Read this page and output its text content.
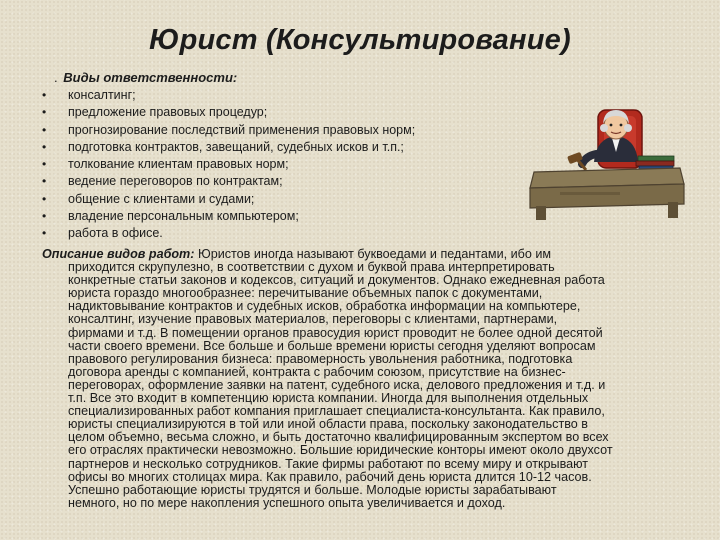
Юрист (Консультирование)
. Виды ответственности:
• консалтинг;
• предложение правовых процедур;
• прогнозирование последствий применения правовых норм;
• подготовка контрактов, завещаний, судебных исков и т.п.;
• толкование клиентам правовых норм;
• ведение переговоров по контрактам;
• общение с клиентами и судами;
• владение персональным компьютером;
• работа в офисе.

Описание видов работ: Юристов иногда называют буквоедами и педантами, ибо им
приходится скрупулезно, в соответствии с духом и буквой права интерпретировать
конкретные статьи законов и кодексов, ситуаций и документов. Однако ежедневная работа
юриста гораздо многообразнее: перечитывание объемных папок с документами,
надиктовывание контрактов и судебных исков, обработка информации на компьютере,
консалтинг, изучение правовых материалов, переговоры с клиентами, партнерами,
фирмами и т.д. В помещении органов правосудия юрист проводит не более одной десятой
части своего времени. Все больше и больше времени юристы сегодня уделяют вопросам
правового регулирования бизнеса: правомерность увольнения работника, подготовка
договора аренды с компанией, контракта с рабочим союзом, присутствие на бизнес-
переговорах, оформление заявки на патент, судебного иска, делового предложения и т.д. и
т.п. Все это входит в компетенцию юриста компании. Иногда для выполнения отдельных
специализированных работ компания приглашает специалиста-консультанта. Как правило,
юристы специализируются в той или иной области права, поскольку законодательство в
целом объемно, весьма сложно, и быть достаточно квалифицированным экспертом во всех
его отраслях практически невозможно. Большие юридические конторы имеют около двухсот
партнеров и несколько сотрудников. Такие фирмы работают по всему миру и открывают
офисы во многих столицах мира. Как правило, рабочий день юриста длится 10-12 часов.
Успешно работающие юристы трудятся и больше. Молодые юристы зарабатывают
немного, но по мере накопления успешного опыта увеличивается и доход.
